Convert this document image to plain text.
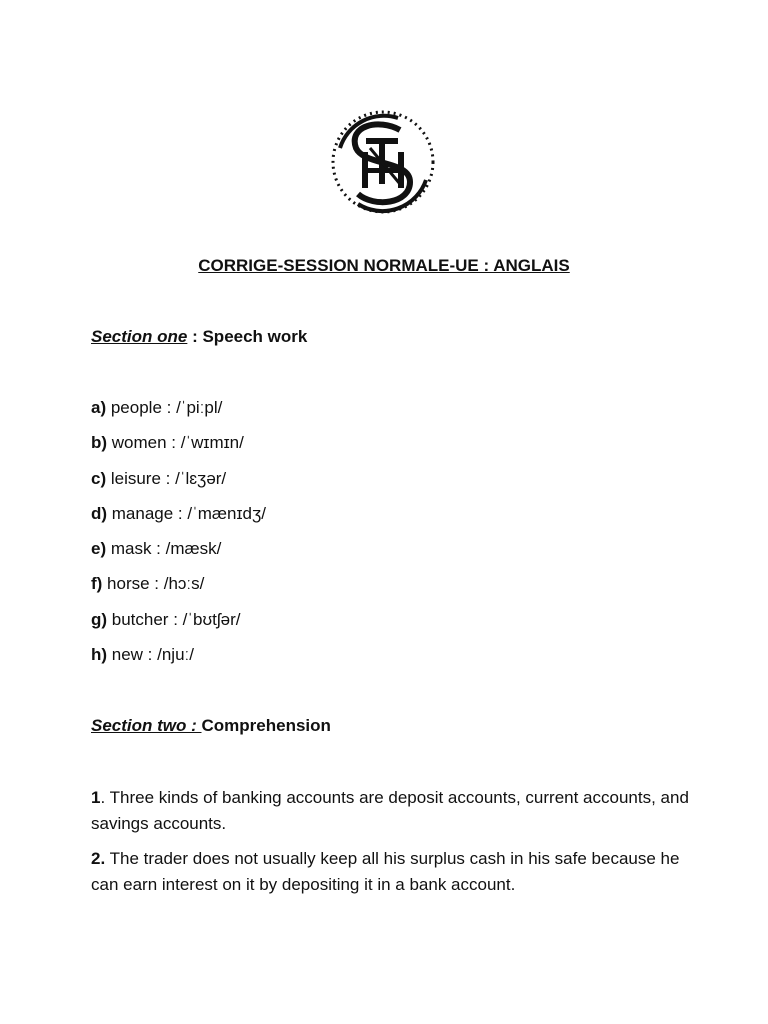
CORRIGE-SESSION NORMALE-UE : ANGLAIS
Section one : Speech work
a) people : /ˈpiːpl/
b) women : /ˈwɪmɪn/
c) leisure : /ˈlɛʒər/
d) manage : /ˈmænɪdʒ/
e) mask : /mæsk/
f) horse : /hɔːs/
g) butcher : /ˈbʊtʃər/
h) new : /njuː/
Section two : Comprehension
1. Three kinds of banking accounts are deposit accounts, current accounts, and savings accounts.
2. The trader does not usually keep all his surplus cash in his safe because he can earn interest on it by depositing it in a bank account.
